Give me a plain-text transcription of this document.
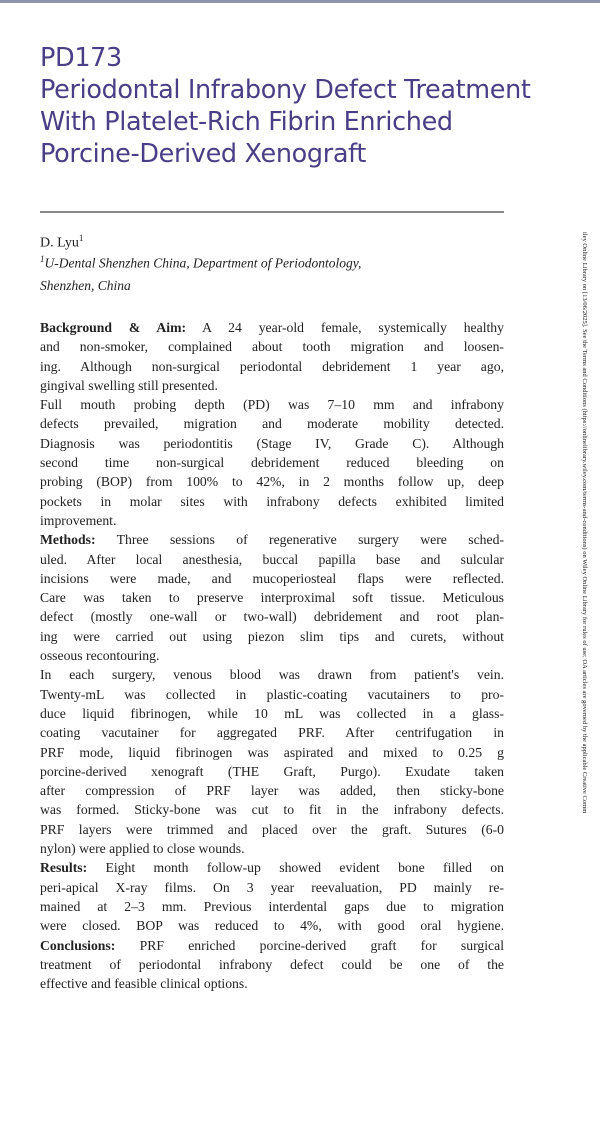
PD173
Periodontal Infrabony Defect Treatment
With Platelet-Rich Fibrin Enriched
Porcine-Derived Xenograft
D. Lyu$^1$
$^1$U-Dental Shenzhen China, Department of Periodontology,
Shenzhen, China
Background & Aim: A 24 year-old female, systemically healthy
and non-smoker, complained about tooth migration and loosen-
ing. Although non-surgical periodontal debridement 1 year ago,
gingival swelling still presented.
Full mouth probing depth (PD) was 7–10 mm and infrabony
defects prevailed, migration and moderate mobility detected.
Diagnosis was periodontitis (Stage IV, Grade C). Although
second time non-surgical debridement reduced bleeding on
probing (BOP) from 100% to 42%, in 2 months follow up, deep
pockets in molar sites with infrabony defects exhibited limited
improvement.
Methods: Three sessions of regenerative surgery were sched-
uled. After local anesthesia, buccal papilla base and sulcular
incisions were made, and mucoperiosteal flaps were reflected.
Care was taken to preserve interproximal soft tissue. Meticulous
defect (mostly one-wall or two-wall) debridement and root plan-
ing were carried out using piezon slim tips and curets, without
osseous recontouring.
In each surgery, venous blood was drawn from patient's vein.
Twenty-mL was collected in plastic-coating vacutainers to pro-
duce liquid fibrinogen, while 10 mL was collected in a glass-
coating vacutainer for aggregated PRF. After centrifugation in
PRF mode, liquid fibrinogen was aspirated and mixed to 0.25 g
porcine-derived xenograft (THE Graft, Purgo). Exudate taken
after compression of PRF layer was added, then sticky-bone
was formed. Sticky-bone was cut to fit in the infrabony defects.
PRF layers were trimmed and placed over the graft. Sutures (6-0
nylon) were applied to close wounds.
Results: Eight month follow-up showed evident bone filled on
peri-apical X-ray films. On 3 year reevaluation, PD mainly re-
mained at 2–3 mm. Previous interdental gaps due to migration
were closed. BOP was reduced to 4%, with good oral hygiene.
Conclusions: PRF enriched porcine-derived graft for surgical
treatment of periodontal infrabony defect could be one of the
effective and feasible clinical options.
iley Online Library on [13/06/2025]. See the Terms and Conditions (https://onlinelibrary.wiley.com/terms-and-conditions) on Wiley Online Library for rules of use; OA articles are governed by the applicable Creative Comm
